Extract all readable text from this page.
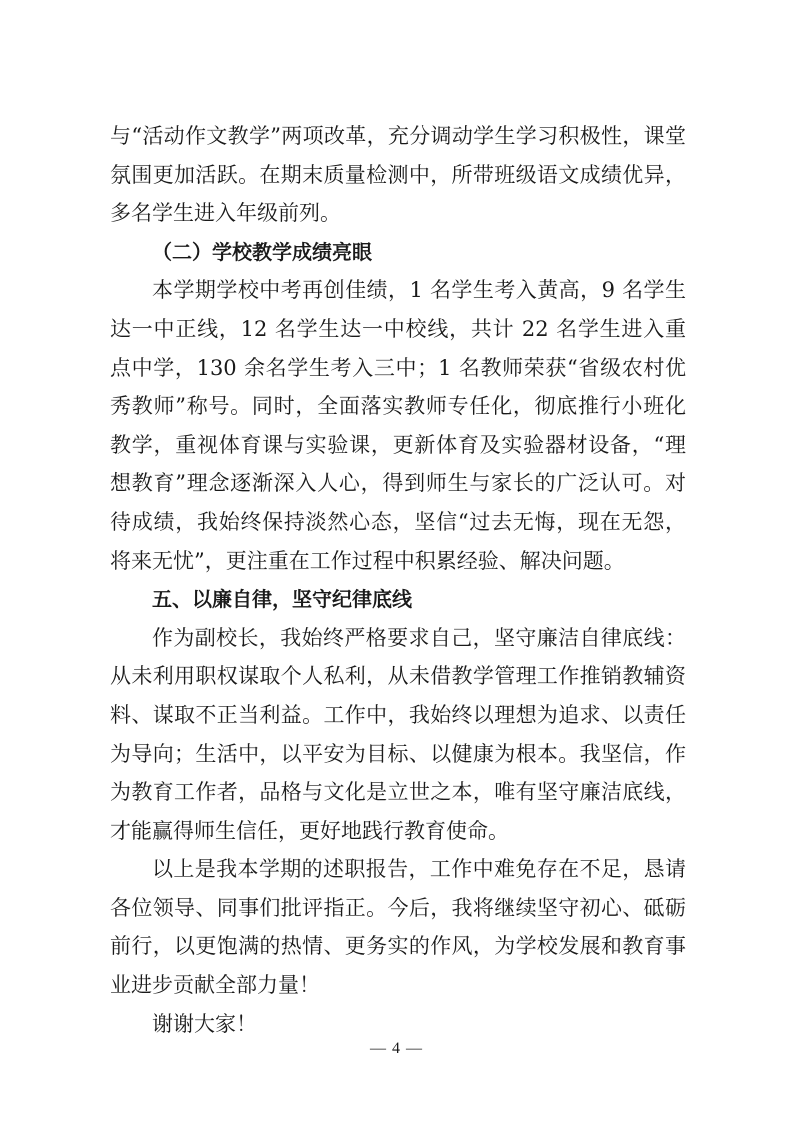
与“活动作文教学”两项改革，充分调动学生学习积极性，课堂氛围更加活跃。在期末质量检测中，所带班级语文成绩优异，多名学生进入年级前列。

（二）学校教学成绩亮眼

本学期学校中考再创佳绩，1 名学生考入黄高，9 名学生达一中正线，12 名学生达一中校线，共计 22 名学生进入重点中学，130 余名学生考入三中；1 名教师荣获“省级农村优秀教师”称号。同时，全面落实教师专任化，彻底推行小班化教学，重视体育课与实验课，更新体育及实验器材设备，“理想教育”理念逐渐深入人心，得到师生与家长的广泛认可。对待成绩，我始终保持淡然心态，坚信“过去无悔，现在无怨，将来无忧”，更注重在工作过程中积累经验、解决问题。

五、以廉自律，坚守纪律底线

作为副校长，我始终严格要求自己，坚守廉洁自律底线：从未利用职权谋取个人私利，从未借教学管理工作推销教辅资料、谋取不正当利益。工作中，我始终以理想为追求、以责任为导向；生活中，以平安为目标、以健康为根本。我坚信，作为教育工作者，品格与文化是立世之本，唯有坚守廉洁底线，才能赢得师生信任，更好地践行教育使命。

以上是我本学期的述职报告，工作中难免存在不足，恳请各位领导、同事们批评指正。今后，我将继续坚守初心、砥砺前行，以更饱满的热情、更务实的作风，为学校发展和教育事业进步贡献全部力量！

谢谢大家！

— 4 —
